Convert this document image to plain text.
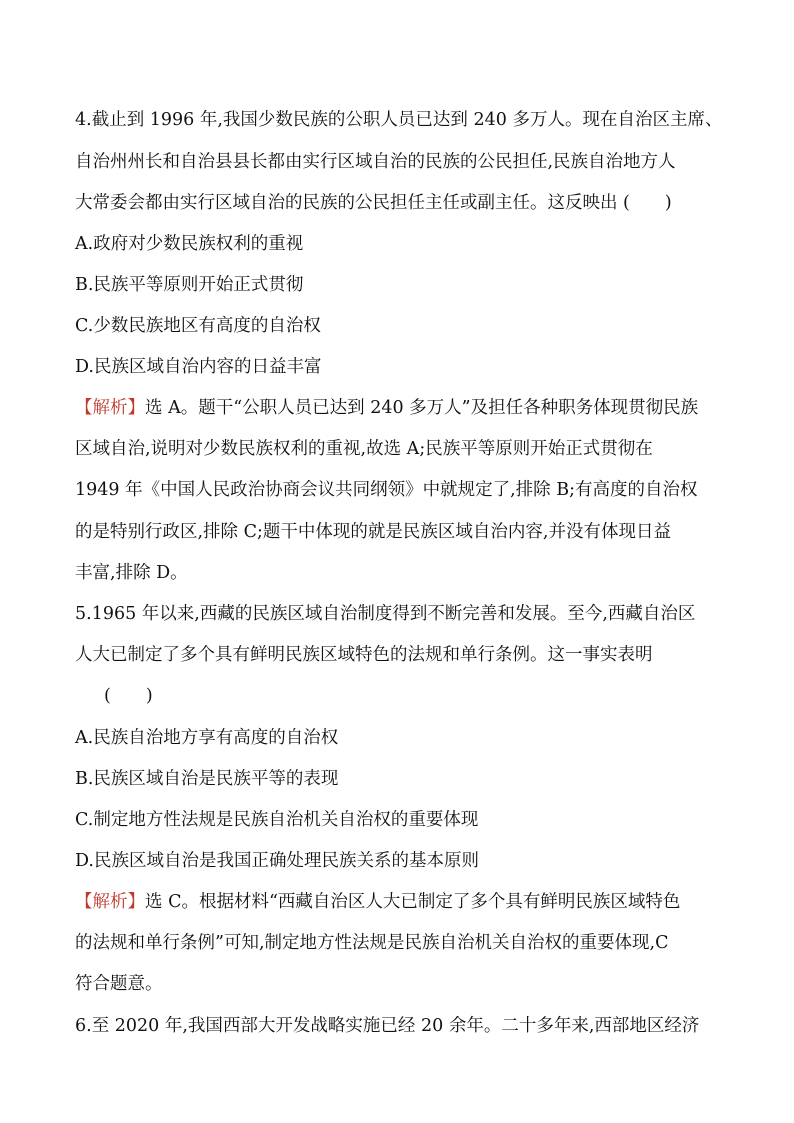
4.截止到 1996 年,我国少数民族的公职人员已达到 240 多万人。现在自治区主席、
自治州州长和自治县县长都由实行区域自治的民族的公民担任,民族自治地方人
大常委会都由实行区域自治的民族的公民担任主任或副主任。这反映出 (　　)
A.政府对少数民族权利的重视
B.民族平等原则开始正式贯彻
C.少数民族地区有高度的自治权
D.民族区域自治内容的日益丰富
【解析】选 A。题干“公职人员已达到 240 多万人”及担任各种职务体现贯彻民族
区域自治,说明对少数民族权利的重视,故选 A;民族平等原则开始正式贯彻在
1949 年《中国人民政治协商会议共同纲领》中就规定了,排除 B;有高度的自治权
的是特别行政区,排除 C;题干中体现的就是民族区域自治内容,并没有体现日益
丰富,排除 D。
5.1965 年以来,西藏的民族区域自治制度得到不断完善和发展。至今,西藏自治区
人大已制定了多个具有鲜明民族区域特色的法规和单行条例。这一事实表明
(　　)
A.民族自治地方享有高度的自治权
B.民族区域自治是民族平等的表现
C.制定地方性法规是民族自治机关自治权的重要体现
D.民族区域自治是我国正确处理民族关系的基本原则
【解析】选 C。根据材料“西藏自治区人大已制定了多个具有鲜明民族区域特色
的法规和单行条例”可知,制定地方性法规是民族自治机关自治权的重要体现,C
符合题意。
6.至 2020 年,我国西部大开发战略实施已经 20 余年。二十多年来,西部地区经济
